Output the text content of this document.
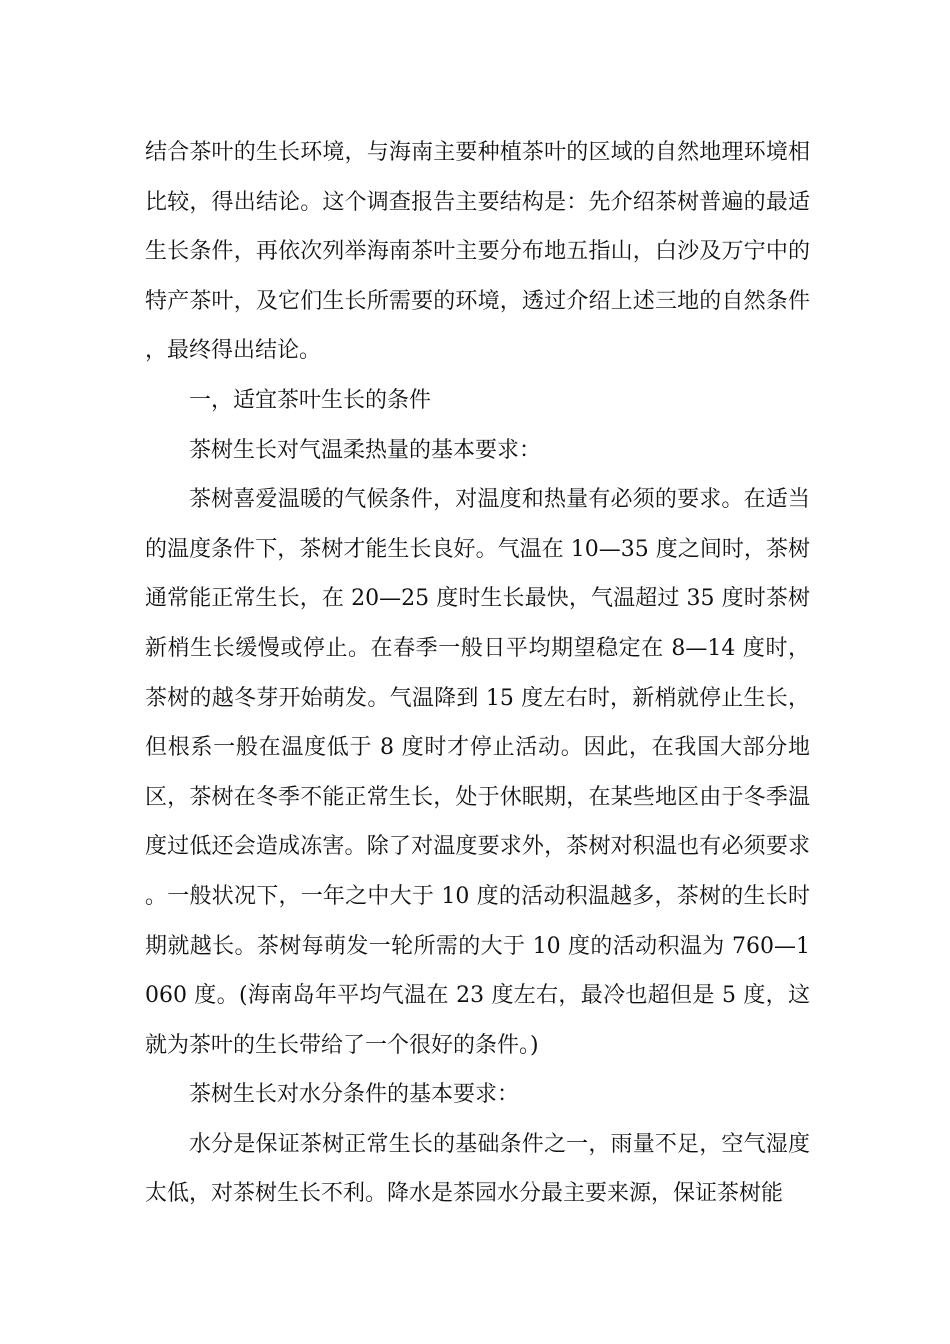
结合茶叶的生长环境，与海南主要种植茶叶的区域的自然地理环境相比较，得出结论。这个调查报告主要结构是：先介绍茶树普遍的最适生长条件，再依次列举海南茶叶主要分布地五指山，白沙及万宁中的特产茶叶，及它们生长所需要的环境，透过介绍上述三地的自然条件，最终得出结论。

一，适宜茶叶生长的条件

茶树生长对气温柔热量的基本要求：

茶树喜爱温暖的气候条件，对温度和热量有必须的要求。在适当的温度条件下，茶树才能生长良好。气温在 10—35 度之间时，茶树通常能正常生长，在 20—25 度时生长最快，气温超过 35 度时茶树新梢生长缓慢或停止。在春季一般日平均期望稳定在 8—14 度时，茶树的越冬芽开始萌发。气温降到 15 度左右时，新梢就停止生长，但根系一般在温度低于 8 度时才停止活动。因此，在我国大部分地区，茶树在冬季不能正常生长，处于休眠期，在某些地区由于冬季温度过低还会造成冻害。除了对温度要求外，茶树对积温也有必须要求。一般状况下，一年之中大于 10 度的活动积温越多，茶树的生长时期就越长。茶树每萌发一轮所需的大于 10 度的活动积温为 760—1060 度。(海南岛年平均气温在 23 度左右，最冷也超但是 5 度，这就为茶叶的生长带给了一个很好的条件。)

茶树生长对水分条件的基本要求：

水分是保证茶树正常生长的基础条件之一，雨量不足，空气湿度太低，对茶树生长不利。降水是茶园水分最主要来源，保证茶树能
